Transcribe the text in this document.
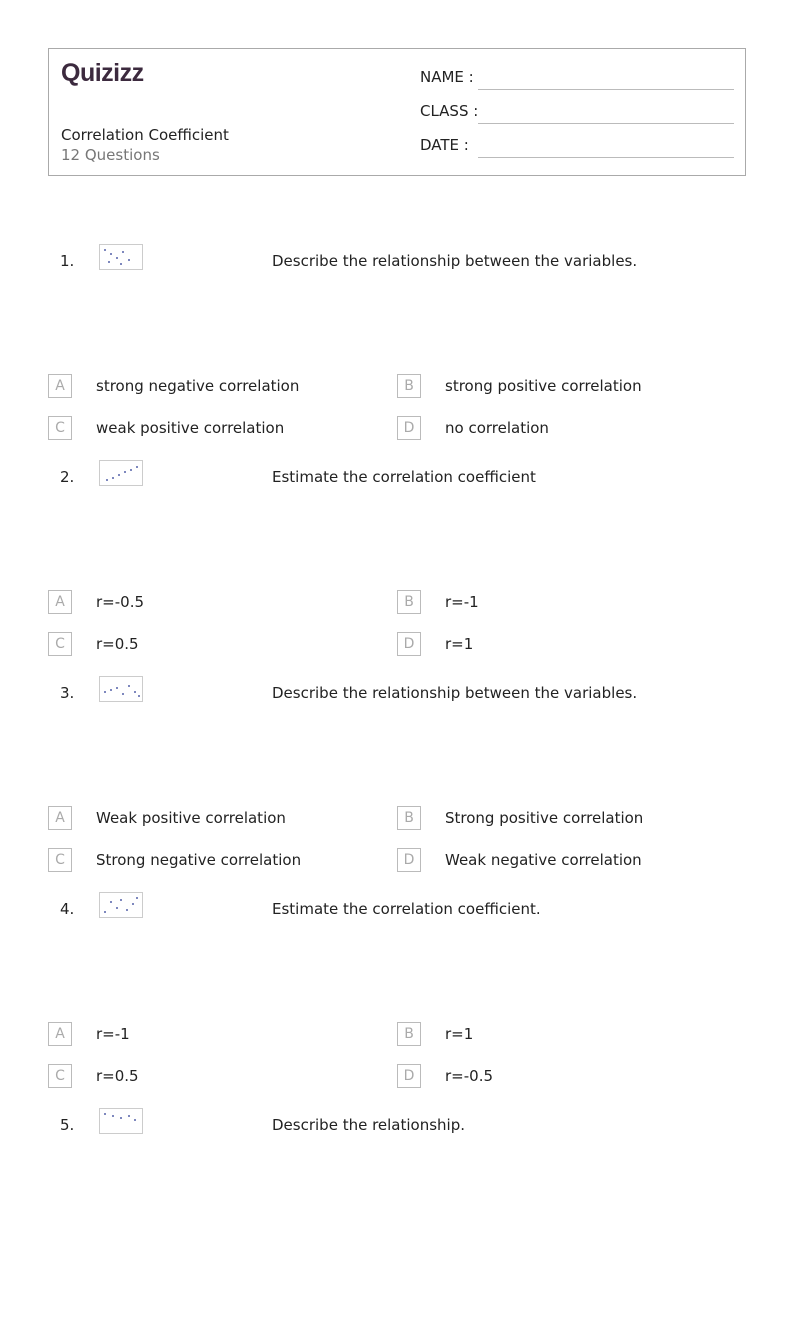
Quizizz
Correlation Coefficient
12 Questions
NAME :
CLASS :
DATE :
1.	Describe the relationship between the variables.
A	strong negative correlation	B	strong positive correlation
C	weak positive correlation	D	no correlation
2.	Estimate the correlation coefficient
A	r=-0.5	B	r=-1
C	r=0.5	D	r=1
3.	Describe the relationship between the variables.
A	Weak positive correlation	B	Strong positive correlation
C	Strong negative correlation	D	Weak negative correlation
4.	Estimate the correlation coefficient.
A	r=-1	B	r=1
C	r=0.5	D	r=-0.5
5.	Describe the relationship.
